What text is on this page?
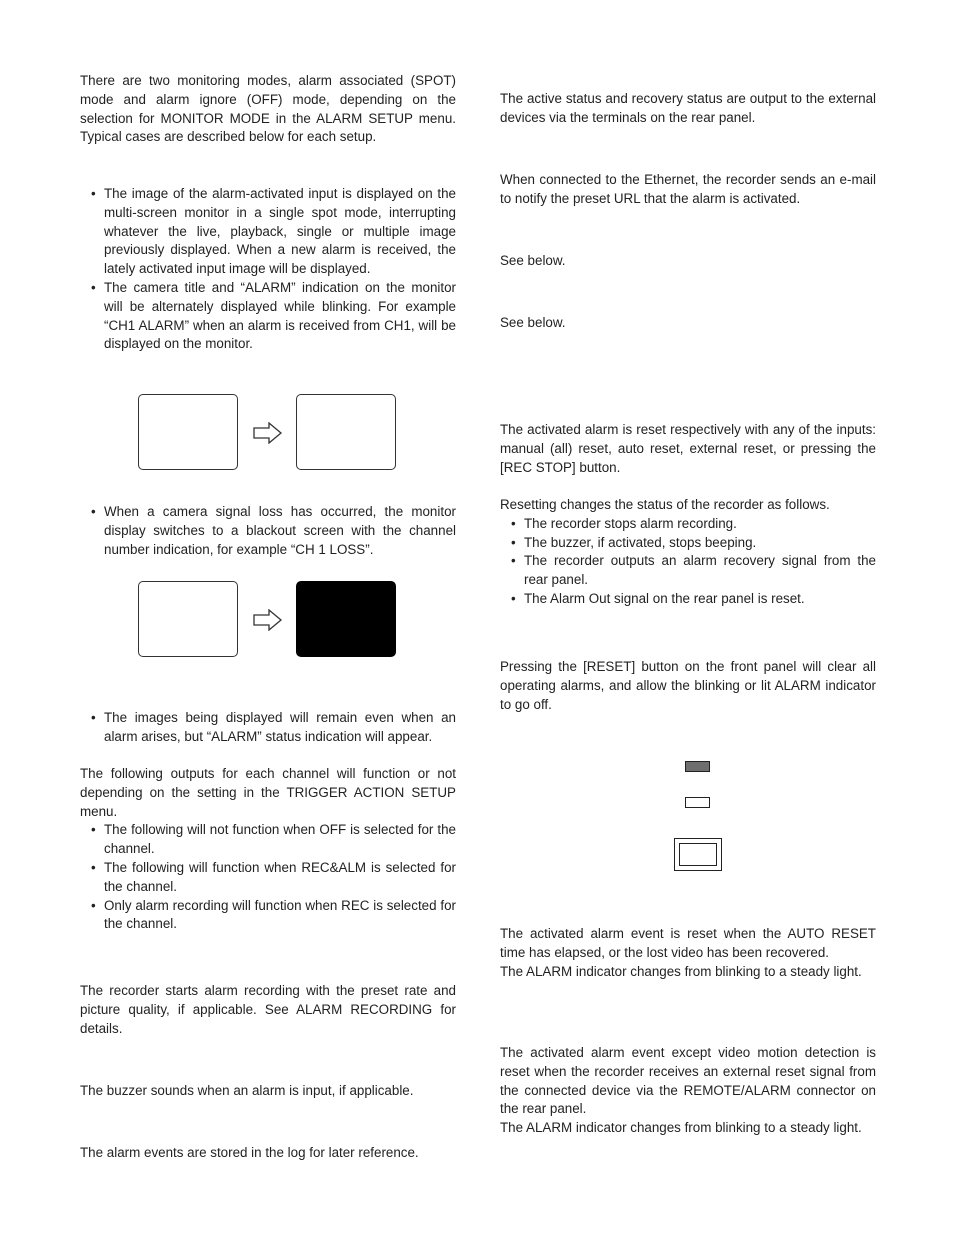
There are two monitoring modes, alarm associated (SPOT) mode and alarm ignore (OFF) mode, depending on the selection for MONITOR MODE in the ALARM SETUP menu. Typical cases are described below for each setup.

• The image of the alarm-activated input is displayed on the multi-screen monitor in a single spot mode, interrupting whatever the live, playback, single or multiple image previously displayed. When a new alarm is received, the lately activated input image will be displayed.
• The camera title and “ALARM” indication on the monitor will be alternately displayed while blinking. For example “CH1 ALARM” when an alarm is received from CH1, will be displayed on the monitor.
• When a camera signal loss has occurred, the monitor display switches to a blackout screen with the channel number indication, for example “CH 1 LOSS”.
• The images being displayed will remain even when an alarm arises, but “ALARM” status indication will appear.

The following outputs for each channel will function or not depending on the setting in the TRIGGER ACTION SETUP menu.

• The following will not function when OFF is selected for the channel.
• The following will function when REC&ALM is selected for the channel.
• Only alarm recording will function when REC is selected for the channel.

The recorder starts alarm recording with the preset rate and picture quality, if applicable. See ALARM RECORDING for details.

The buzzer sounds when an alarm is input, if applicable.

The alarm events are stored in the log for later reference.

The active status and recovery status are output to the external devices via the terminals on the rear panel.

When connected to the Ethernet, the recorder sends an e-mail to notify the preset URL that the alarm is activated.

See below.

See below.

The activated alarm is reset respectively with any of the inputs: manual (all) reset, auto reset, external reset, or pressing the [REC STOP] button.

Resetting changes the status of the recorder as follows.

• The recorder stops alarm recording.
• The buzzer, if activated, stops beeping.
• The recorder outputs an alarm recovery signal from the rear panel.
• The Alarm Out signal on the rear panel is reset.

Pressing the [RESET] button on the front panel will clear all operating alarms, and allow the blinking or lit ALARM indicator to go off.

The activated alarm event is reset when the AUTO RESET time has elapsed, or the lost video has been recovered.

The ALARM indicator changes from blinking to a steady light.

The activated alarm event except video motion detection is reset when the recorder receives an external reset signal from the connected device via the REMOTE/ALARM connector on the rear panel.

The ALARM indicator changes from blinking to a steady light.
